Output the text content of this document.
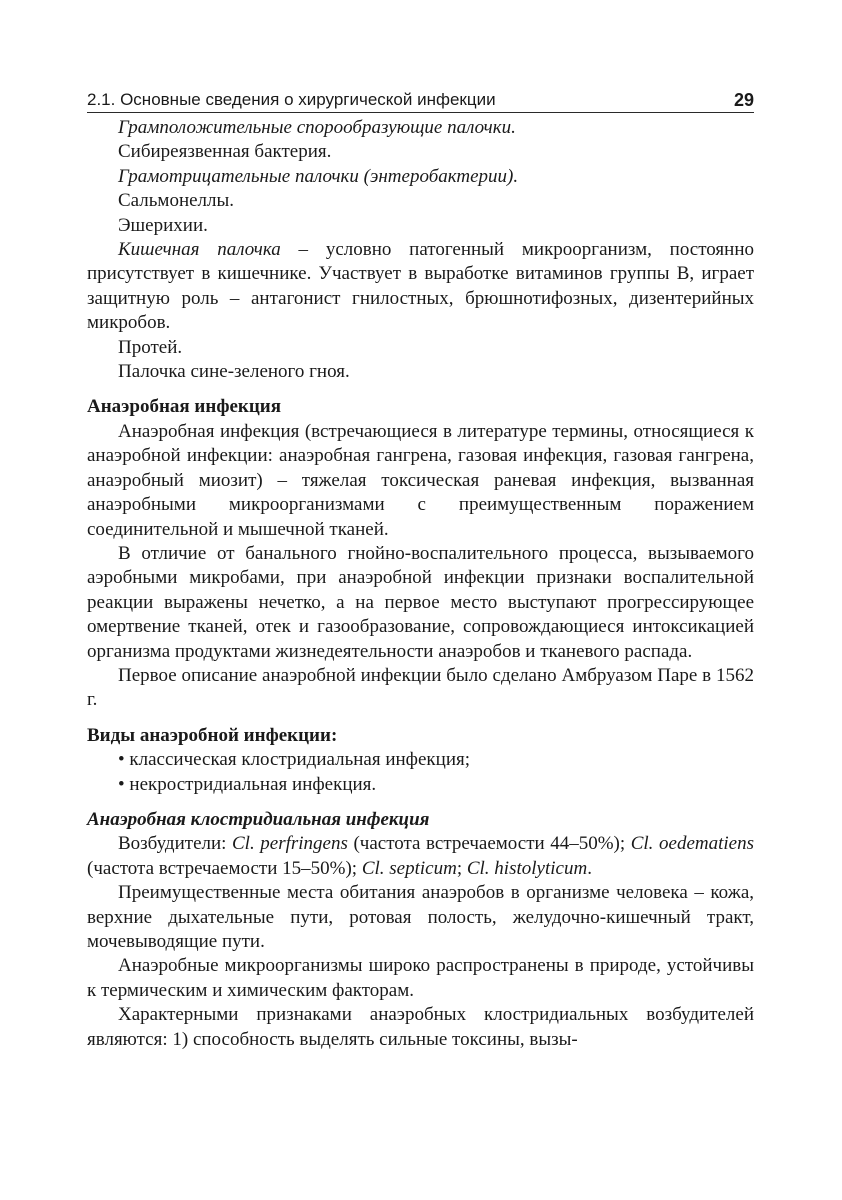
2.1. Основные сведения о хирургической инфекции	29

Грамположительные спорообразующие палочки.

Сибиреязвенная бактерия.

Грамотрицательные палочки (энтеробактерии).

Сальмонеллы.

Эшерихии.

Кишечная палочка – условно патогенный микроорганизм, постоянно присутствует в кишечнике. Участвует в выработке витаминов группы В, играет защитную роль – антагонист гнилостных, брюшнотифозных, дизентерийных микробов.

Протей.

Палочка сине-зеленого гноя.

Анаэробная инфекция

Анаэробная инфекция (встречающиеся в литературе термины, относящиеся к анаэробной инфекции: анаэробная гангрена, газовая инфекция, газовая гангрена, анаэробный миозит) – тяжелая токсическая раневая инфекция, вызванная анаэробными микроорганизмами с преимущественным поражением соединительной и мышечной тканей.

В отличие от банального гнойно-воспалительного процесса, вызываемого аэробными микробами, при анаэробной инфекции признаки воспалительной реакции выражены нечетко, а на первое место выступают прогрессирующее омертвение тканей, отек и газообразование, сопровождающиеся интоксикацией организма продуктами жизнедеятельности анаэробов и тканевого распада.

Первое описание анаэробной инфекции было сделано Амбруазом Паре в 1562 г.

Виды анаэробной инфекции:
• классическая клостридиальная инфекция;
• некростридиальная инфекция.
Анаэробная клостридиальная инфекция

Возбудители: Cl. perfringens (частота встречаемости 44–50%); Cl. oedematiens (частота встречаемости 15–50%); Cl. septicum; Cl. histolyticum.

Преимущественные места обитания анаэробов в организме человека – кожа, верхние дыхательные пути, ротовая полость, желудочно-кишечный тракт, мочевыводящие пути.

Анаэробные микроорганизмы широко распространены в природе, устойчивы к термическим и химическим факторам.

Характерными признаками анаэробных клостридиальных возбудителей являются: 1) способность выделять сильные токсины, вызы-
